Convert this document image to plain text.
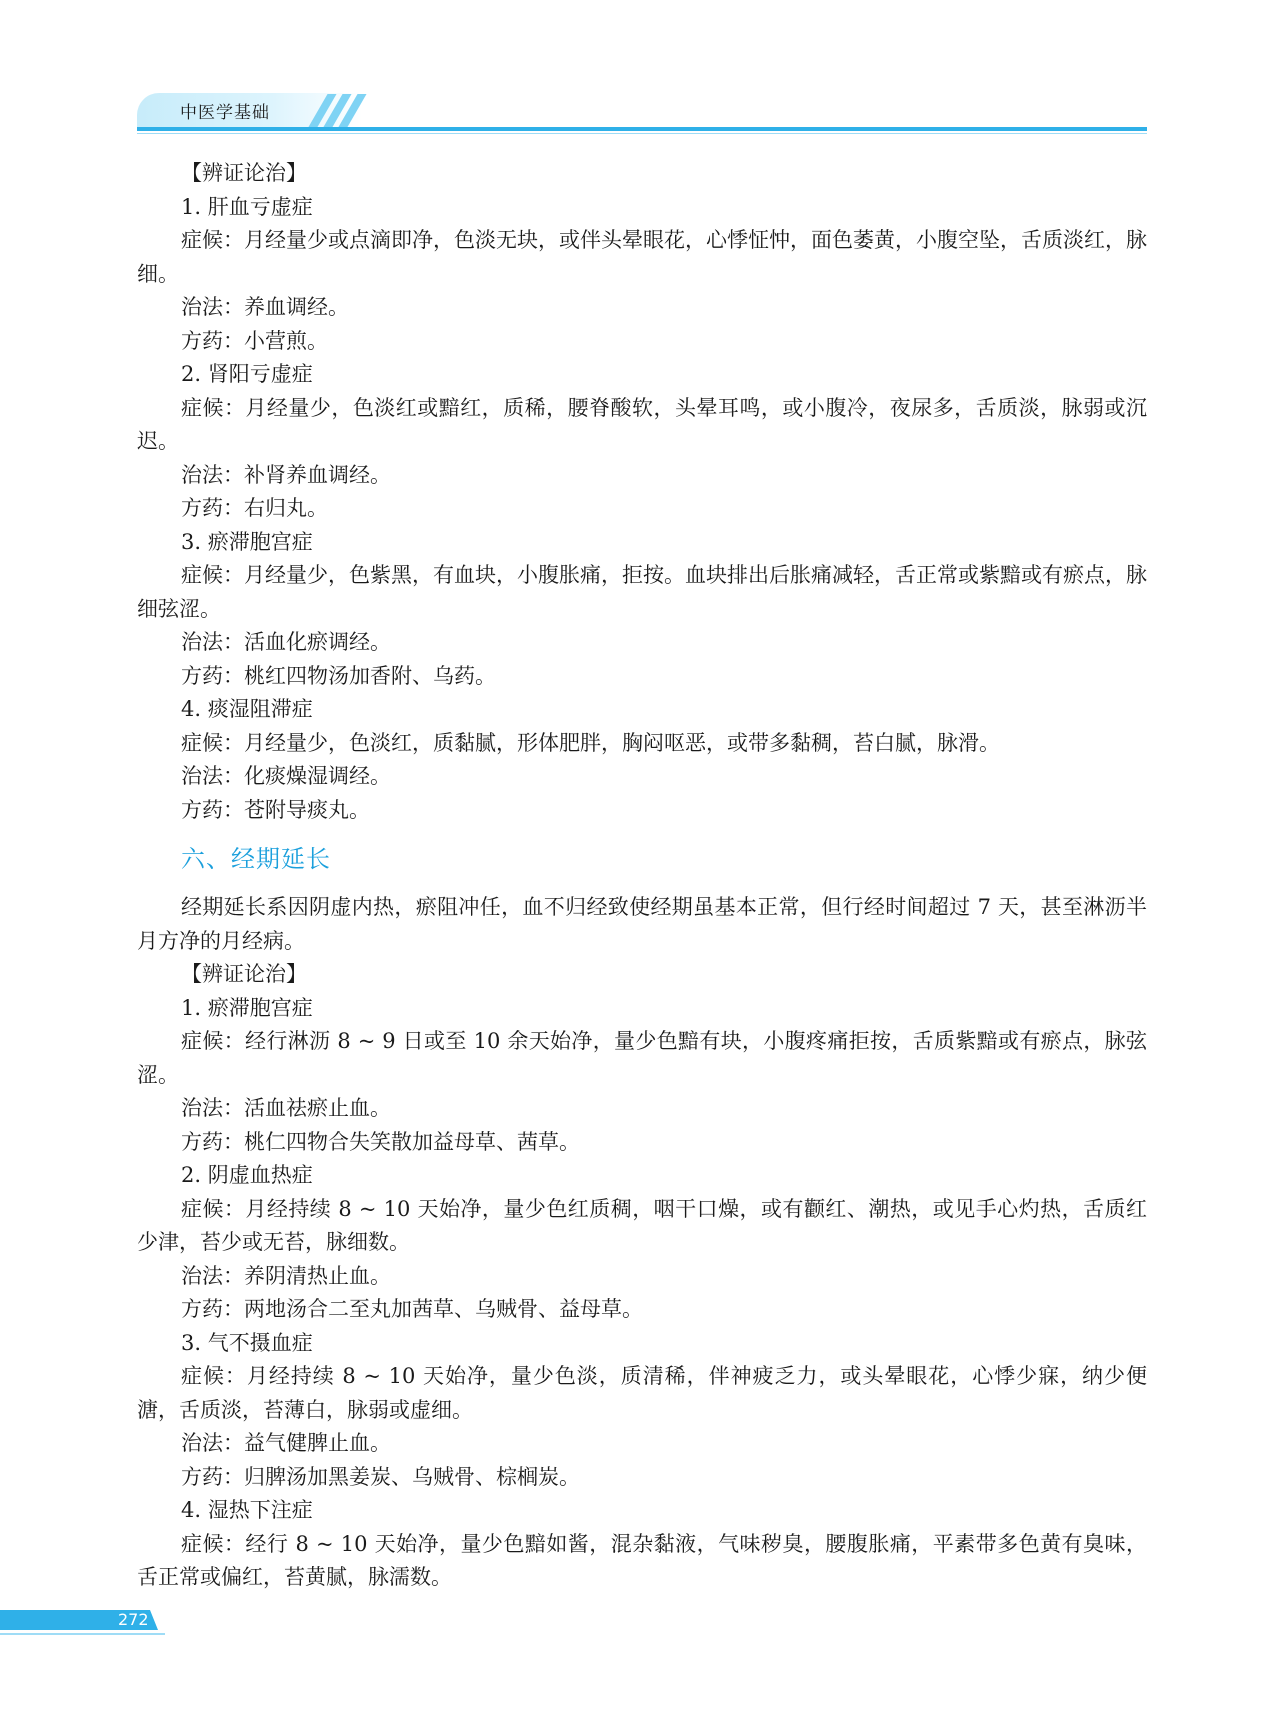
中医学基础
【辨证论治】
1. 肝血亏虚症
症候：月经量少或点滴即净，色淡无块，或伴头晕眼花，心悸怔忡，面色萎黄，小腹空坠，舌质淡红，脉细。
治法：养血调经。
方药：小营煎。
2. 肾阳亏虚症
症候：月经量少，色淡红或黯红，质稀，腰脊酸软，头晕耳鸣，或小腹冷，夜尿多，舌质淡，脉弱或沉迟。
治法：补肾养血调经。
方药：右归丸。
3. 瘀滞胞宫症
症候：月经量少，色紫黑，有血块，小腹胀痛，拒按。血块排出后胀痛减轻，舌正常或紫黯或有瘀点，脉细弦涩。
治法：活血化瘀调经。
方药：桃红四物汤加香附、乌药。
4. 痰湿阻滞症
症候：月经量少，色淡红，质黏腻，形体肥胖，胸闷呕恶，或带多黏稠，苔白腻，脉滑。
治法：化痰燥湿调经。
方药：苍附导痰丸。
六、经期延长
经期延长系因阴虚内热，瘀阻冲任，血不归经致使经期虽基本正常，但行经时间超过 7 天，甚至淋沥半月方净的月经病。
【辨证论治】
1. 瘀滞胞宫症
症候：经行淋沥 8 ~ 9 日或至 10 余天始净，量少色黯有块，小腹疼痛拒按，舌质紫黯或有瘀点，脉弦涩。
治法：活血祛瘀止血。
方药：桃仁四物合失笑散加益母草、茜草。
2. 阴虚血热症
症候：月经持续 8 ~ 10 天始净，量少色红质稠，咽干口燥，或有颧红、潮热，或见手心灼热，舌质红少津，苔少或无苔，脉细数。
治法：养阴清热止血。
方药：两地汤合二至丸加茜草、乌贼骨、益母草。
3. 气不摄血症
症候：月经持续 8 ~ 10 天始净，量少色淡，质清稀，伴神疲乏力，或头晕眼花，心悸少寐，纳少便溏，舌质淡，苔薄白，脉弱或虚细。
治法：益气健脾止血。
方药：归脾汤加黑姜炭、乌贼骨、棕榈炭。
4. 湿热下注症
症候：经行 8 ~ 10 天始净，量少色黯如酱，混杂黏液，气味秽臭，腰腹胀痛，平素带多色黄有臭味，舌正常或偏红，苔黄腻，脉濡数。
272
